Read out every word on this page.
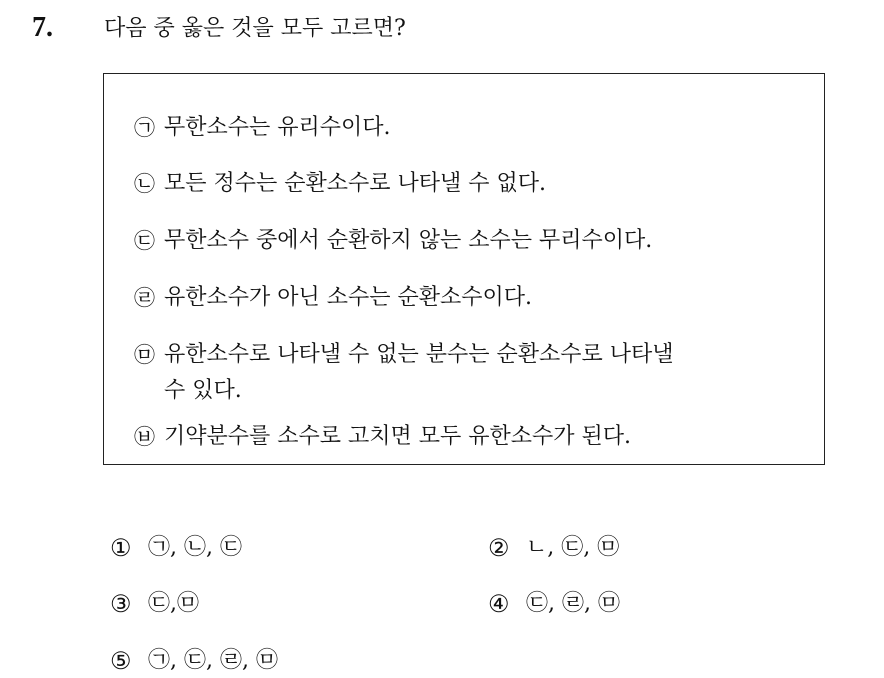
7. 다음 중 옳은 것을 모두 고르면?
㉠ 무한소수는 유리수이다.
㉡ 모든 정수는 순환소수로 나타낼 수 없다.
㉢ 무한소수 중에서 순환하지 않는 소수는 무리수이다.
㉣ 유한소수가 아닌 소수는 순환소수이다.
㉤ 유한소수로 나타낼 수 없는 분수는 순환소수로 나타낼
수 있다.
㉥ 기약분수를 소수로 고치면 모두 유한소수가 된다.
① ㉠, ㉡, ㉢	② ㄴ, ㉢, ㉤
③ ㉢,㉤	④ ㉢, ㉣, ㉤
⑤ ㉠, ㉢, ㉣, ㉤
